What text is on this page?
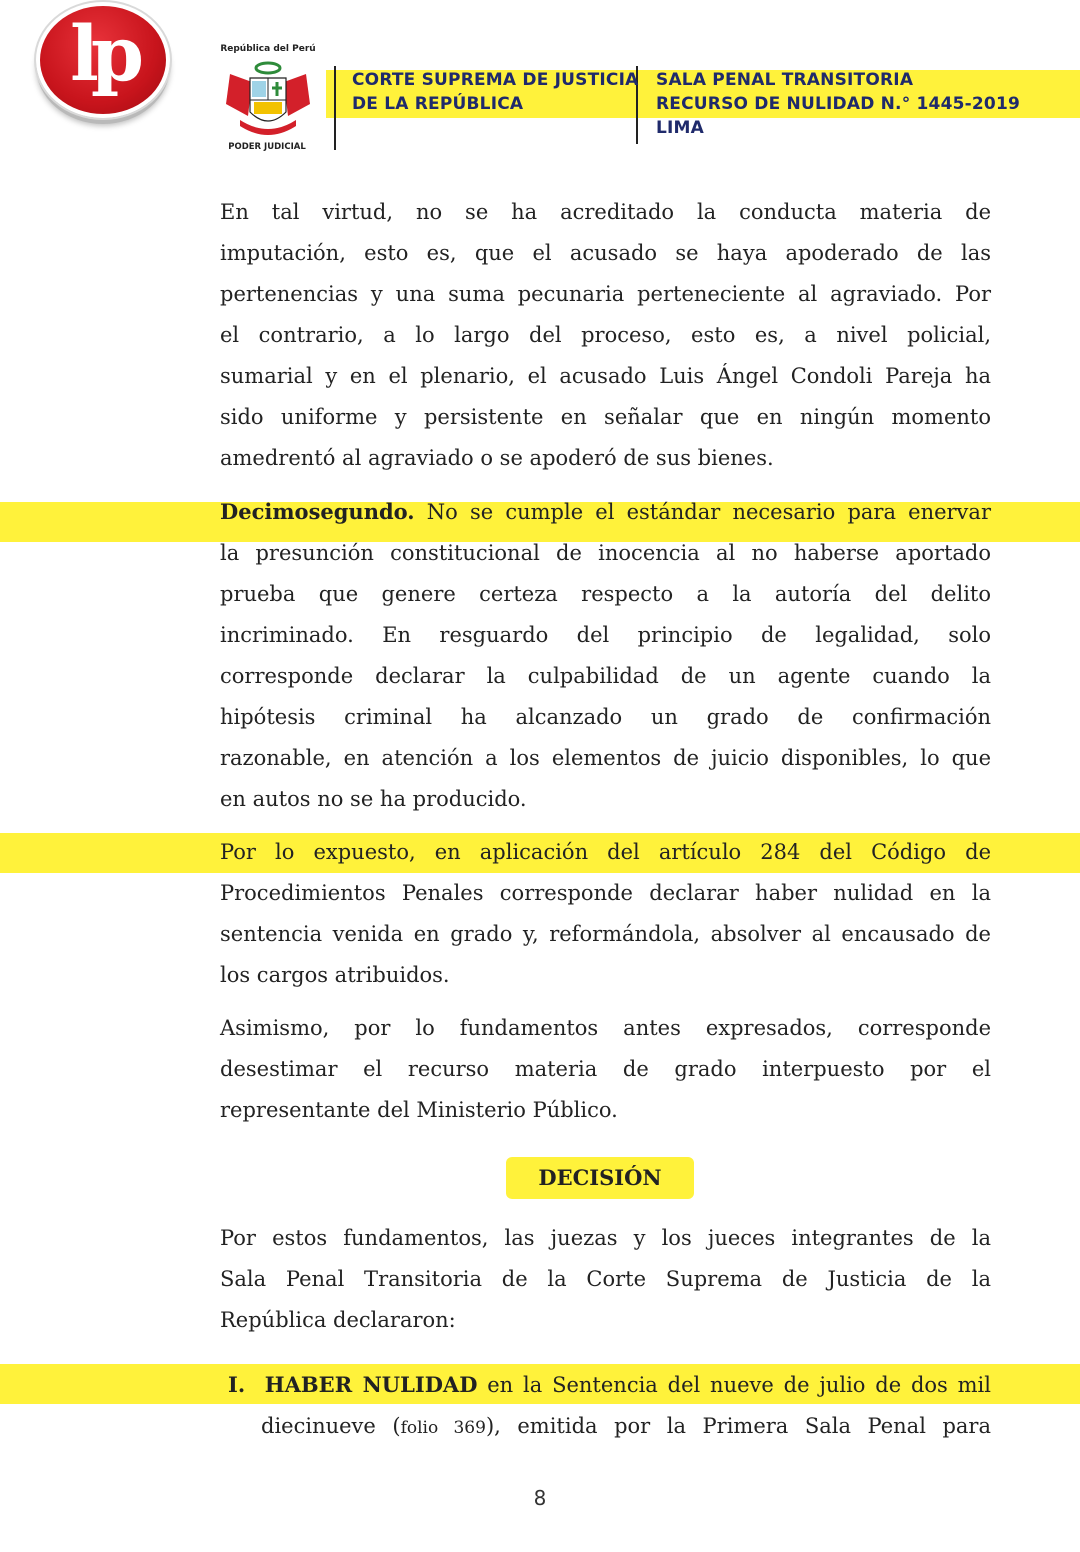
lp	República del Perú
PODER JUDICIAL
CORTE SUPREMA DE JUSTICIA
DE LA REPÚBLICA
SALA PENAL TRANSITORIA
RECURSO DE NULIDAD N.° 1445-2019
LIMA
En tal virtud, no se ha acreditado la conducta materia de
imputación, esto es, que el acusado se haya apoderado de las
pertenencias y una suma pecunaria perteneciente al agraviado. Por
el contrario, a lo largo del proceso, esto es, a nivel policial,
sumarial y en el plenario, el acusado Luis Ángel Condoli Pareja ha
sido uniforme y persistente en señalar que en ningún momento
amedrentó al agraviado o se apoderó de sus bienes.
Decimosegundo. No se cumple el estándar necesario para enervar
la presunción constitucional de inocencia al no haberse aportado
prueba que genere certeza respecto a la autoría del delito
incriminado. En resguardo del principio de legalidad, solo
corresponde declarar la culpabilidad de un agente cuando la
hipótesis criminal ha alcanzado un grado de confirmación
razonable, en atención a los elementos de juicio disponibles, lo que
en autos no se ha producido.
Por lo expuesto, en aplicación del artículo 284 del Código de
Procedimientos Penales corresponde declarar haber nulidad en la
sentencia venida en grado y, reformándola, absolver al encausado de
los cargos atribuidos.
Asimismo, por lo fundamentos antes expresados, corresponde
desestimar el recurso materia de grado interpuesto por el
representante del Ministerio Público.
DECISIÓN
Por estos fundamentos, las juezas y los jueces integrantes de la
Sala Penal Transitoria de la Corte Suprema de Justicia de la
República declararon:
I. HABER NULIDAD en la Sentencia del nueve de julio de dos mil
diecinueve (folio 369), emitida por la Primera Sala Penal para
8
